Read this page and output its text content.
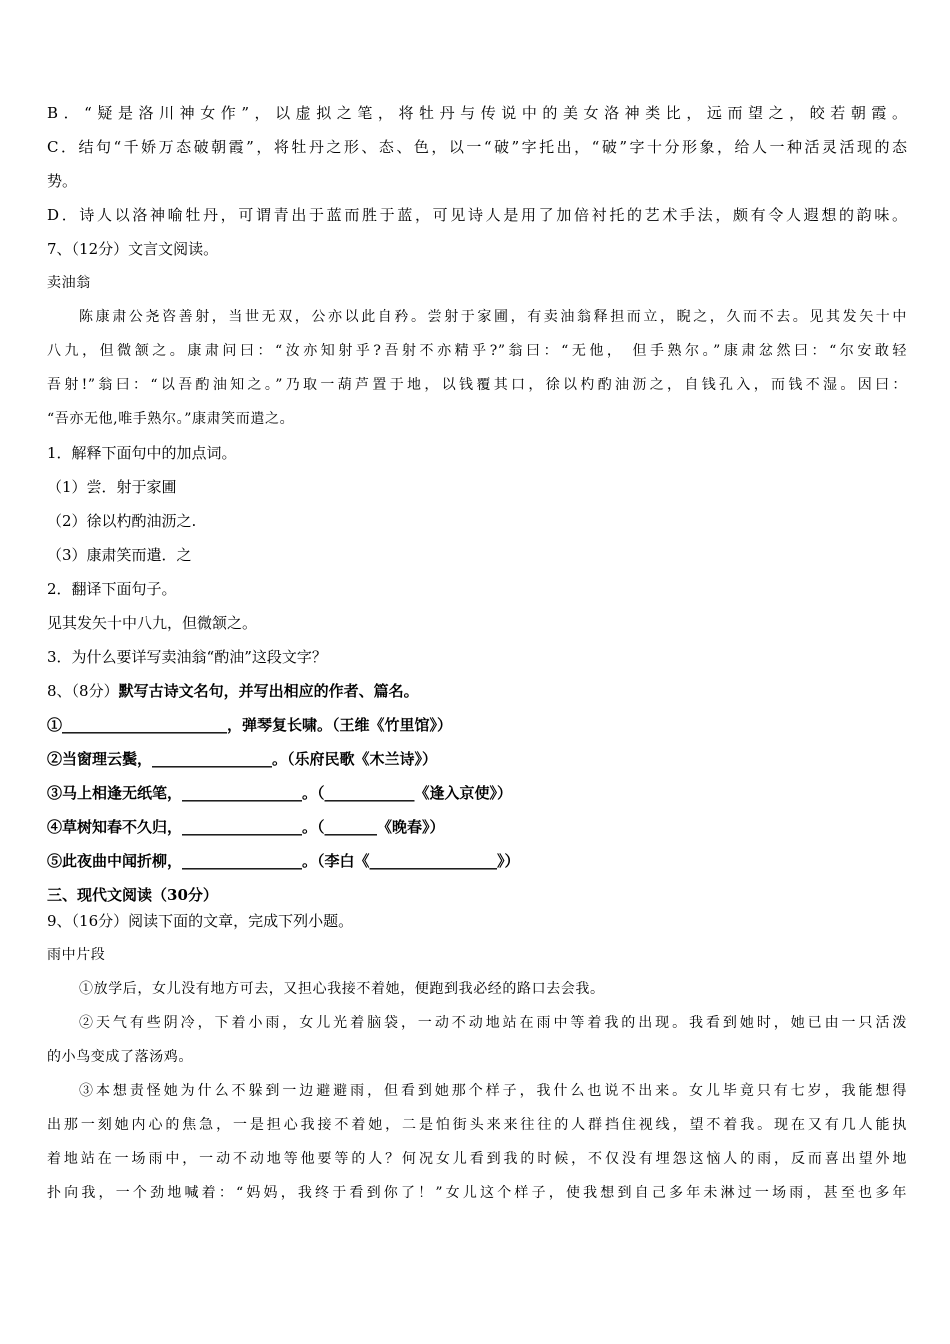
B．“疑是洛川神女作”，以虚拟之笔，将牡丹与传说中的美女洛神类比，远而望之，皎若朝霞。
C．结句“千娇万态破朝霞”，将牡丹之形、态、色，以一“破”字托出，“破”字十分形象，给人一种活灵活现的态
势。
D．诗人以洛神喻牡丹，可谓青出于蓝而胜于蓝，可见诗人是用了加倍衬托的艺术手法，颇有令人遐想的韵味。
7、（12分）文言文阅读。
卖油翁
陈康肃公尧咨善射，当世无双，公亦以此自矜。尝射于家圃，有卖油翁释担而立，睨之，久而不去。见其发矢十中
八九，但微颔之。康肃问曰：“汝亦知射乎?吾射不亦精乎?”翁曰：“无他， 但手熟尔。”康肃忿然曰：“尔安敢轻
吾射!”翁曰：“以吾酌油知之。”乃取一葫芦置于地，以钱覆其口，徐以杓酌油沥之，自钱孔入，而钱不湿。因曰：
“吾亦无他,唯手熟尔。”康肃笑而遣之。
1．解释下面句中的加点词。
（1）尝．射于家圃
（2）徐以杓酌油沥之.
（3）康肃笑而遣．之
2．翻译下面句子。
见其发矢十中八九，但微颔之。
3．为什么要详写卖油翁“酌油”这段文字？
8、（8分）默写古诗文名句，并写出相应的作者、篇名。
①______________________，弹琴复长啸。（王维《竹里馆》）
②当窗理云鬓，________________。（乐府民歌《木兰诗》）
③马上相逢无纸笔，________________。（____________《逢入京使》）
④草树知春不久归，________________。（_______《晚春》）
⑤此夜曲中闻折柳，________________。（李白《_________________》）
三、现代文阅读（30分）
9、（16分）阅读下面的文章，完成下列小题。
雨中片段
①放学后，女儿没有地方可去，又担心我接不着她，便跑到我必经的路口去会我。
②天气有些阴冷，下着小雨，女儿光着脑袋，一动不动地站在雨中等着我的出现。我看到她时，她已由一只活泼
的小鸟变成了落汤鸡。
③本想责怪她为什么不躲到一边避避雨，但看到她那个样子，我什么也说不出来。女儿毕竟只有七岁，我能想得
出那一刻她内心的焦急，一是担心我接不着她，二是怕街头来来往往的人群挡住视线，望不着我。现在又有几人能执
着地站在一场雨中，一动不动地等他要等的人？何况女儿看到我的时候，不仅没有埋怨这恼人的雨，反而喜出望外地
扑向我，一个劲地喊着：“妈妈，我终于看到你了！”女儿这个样子，使我想到自己多年未淋过一场雨，甚至也多年
